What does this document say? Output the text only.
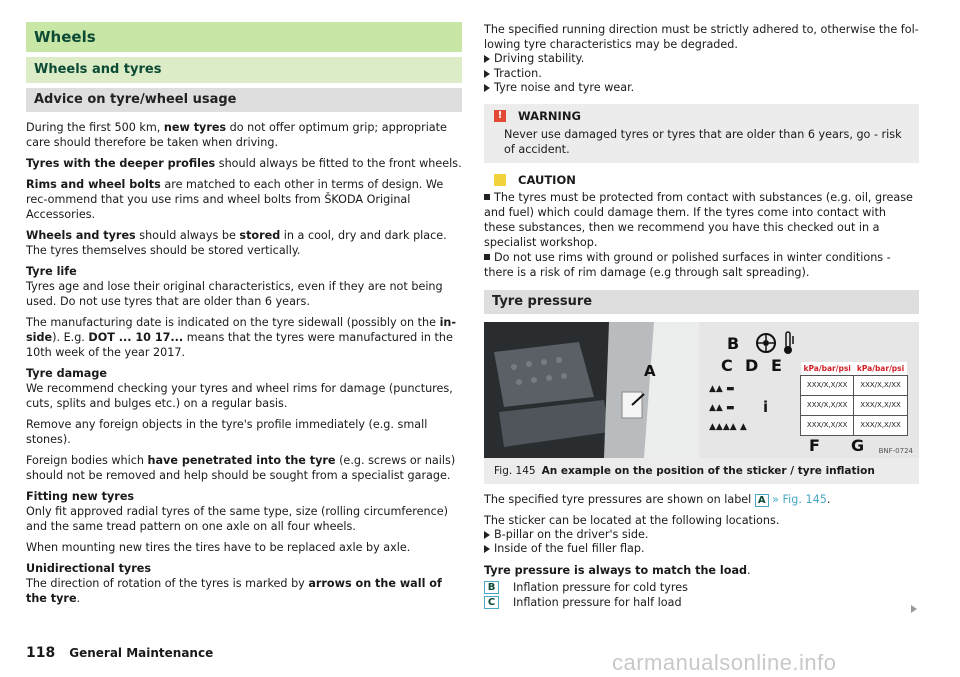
Wheels
Wheels and tyres
Advice on tyre/wheel usage

During the first 500 km, new tyres do not offer optimum grip; appropriate care should therefore be taken when driving.

Tyres with the deeper profiles should always be fitted to the front wheels.

Rims and wheel bolts are matched to each other in terms of design. We rec-ommend that you use rims and wheel bolts from ŠKODA Original Accessories.

Wheels and tyres should always be stored in a cool, dry and dark place. The tyres themselves should be stored vertically.

Tyre life
Tyres age and lose their original characteristics, even if they are not being used. Do not use tyres that are older than 6 years.

The manufacturing date is indicated on the tyre sidewall (possibly on the in-side). E.g. DOT ... 10 17... means that the tyres were manufactured in the 10th week of the year 2017.

Tyre damage
We recommend checking your tyres and wheel rims for damage (punctures, cuts, splits and bulges etc.) on a regular basis.

Remove any foreign objects in the tyre's profile immediately (e.g. small stones).

Foreign bodies which have penetrated into the tyre (e.g. screws or nails) should not be removed and help should be sought from a specialist garage.

Fitting new tyres
Only fit approved radial tyres of the same type, size (rolling circumference) and the same tread pattern on one axle on all four wheels.

When mounting new tires the tires have to be replaced axle by axle.

Unidirectional tyres
The direction of rotation of the tyres is marked by arrows on the wall of the tyre.

The specified running direction must be strictly adhered to, otherwise the fol-lowing tyre characteristics may be degraded.

Driving stability.
Traction.
Tyre noise and tyre wear.
!	WARNING
Never use damaged tyres or tyres that are older than 6 years, go - risk of accident.
CAUTION

The tyres must be protected from contact with substances (e.g. oil, grease and fuel) which could damage them. If the tyres come into contact with these substances, then we recommend you have this checked out in a specialist workshop.

Do not use rims with ground or polished surfaces in winter conditions - there is a risk of rim damage (e.g through salt spreading).

Tyre pressure
A
B
C D E
▲▲ ▬
▲▲ ▬
▲▲▲▲ ▲
i
kPa/bar/psi	kPa/bar/psi
XXX/X,X/XX	XXX/X,X/XX
XXX/X,X/XX	XXX/X,X/XX
XXX/X,X/XX	XXX/X,X/XX
F G BNF-0724
Fig. 145 An example on the position of the sticker / tyre inflation

The specified tyre pressures are shown on label A » Fig. 145.

The sticker can be located at the following locations.

B-pillar on the driver's side.
Inside of the fuel filler flap.

Tyre pressure is always to match the load.

B	Inflation pressure for cold tyres
C	Inflation pressure for half load
118 General Maintenance	carmanualsonline.info
